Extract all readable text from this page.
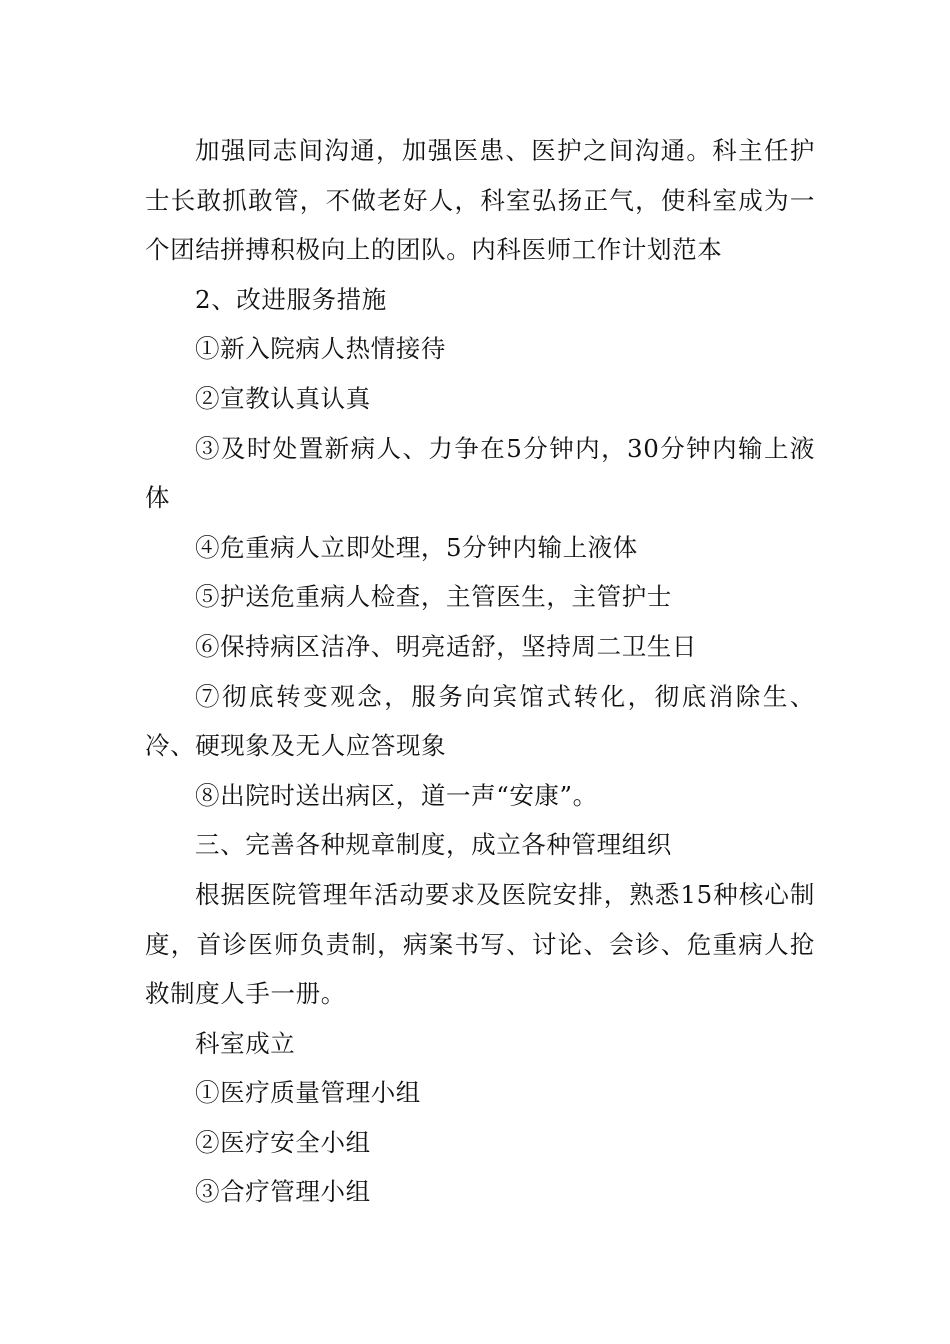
加强同志间沟通，加强医患、医护之间沟通。科主任护士长敢抓敢管，不做老好人，科室弘扬正气，使科室成为一个团结拼搏积极向上的团队。内科医师工作计划范本

2、改进服务措施

①新入院病人热情接待

②宣教认真认真

③及时处置新病人、力争在5分钟内，30分钟内输上液体

④危重病人立即处理，5分钟内输上液体

⑤护送危重病人检查，主管医生，主管护士

⑥保持病区洁净、明亮适舒，坚持周二卫生日

⑦彻底转变观念，服务向宾馆式转化，彻底消除生、冷、硬现象及无人应答现象

⑧出院时送出病区，道一声“安康”。

三、完善各种规章制度，成立各种管理组织

根据医院管理年活动要求及医院安排，熟悉15种核心制度，首诊医师负责制，病案书写、讨论、会诊、危重病人抢救制度人手一册。

科室成立

①医疗质量管理小组

②医疗安全小组

③合疗管理小组
